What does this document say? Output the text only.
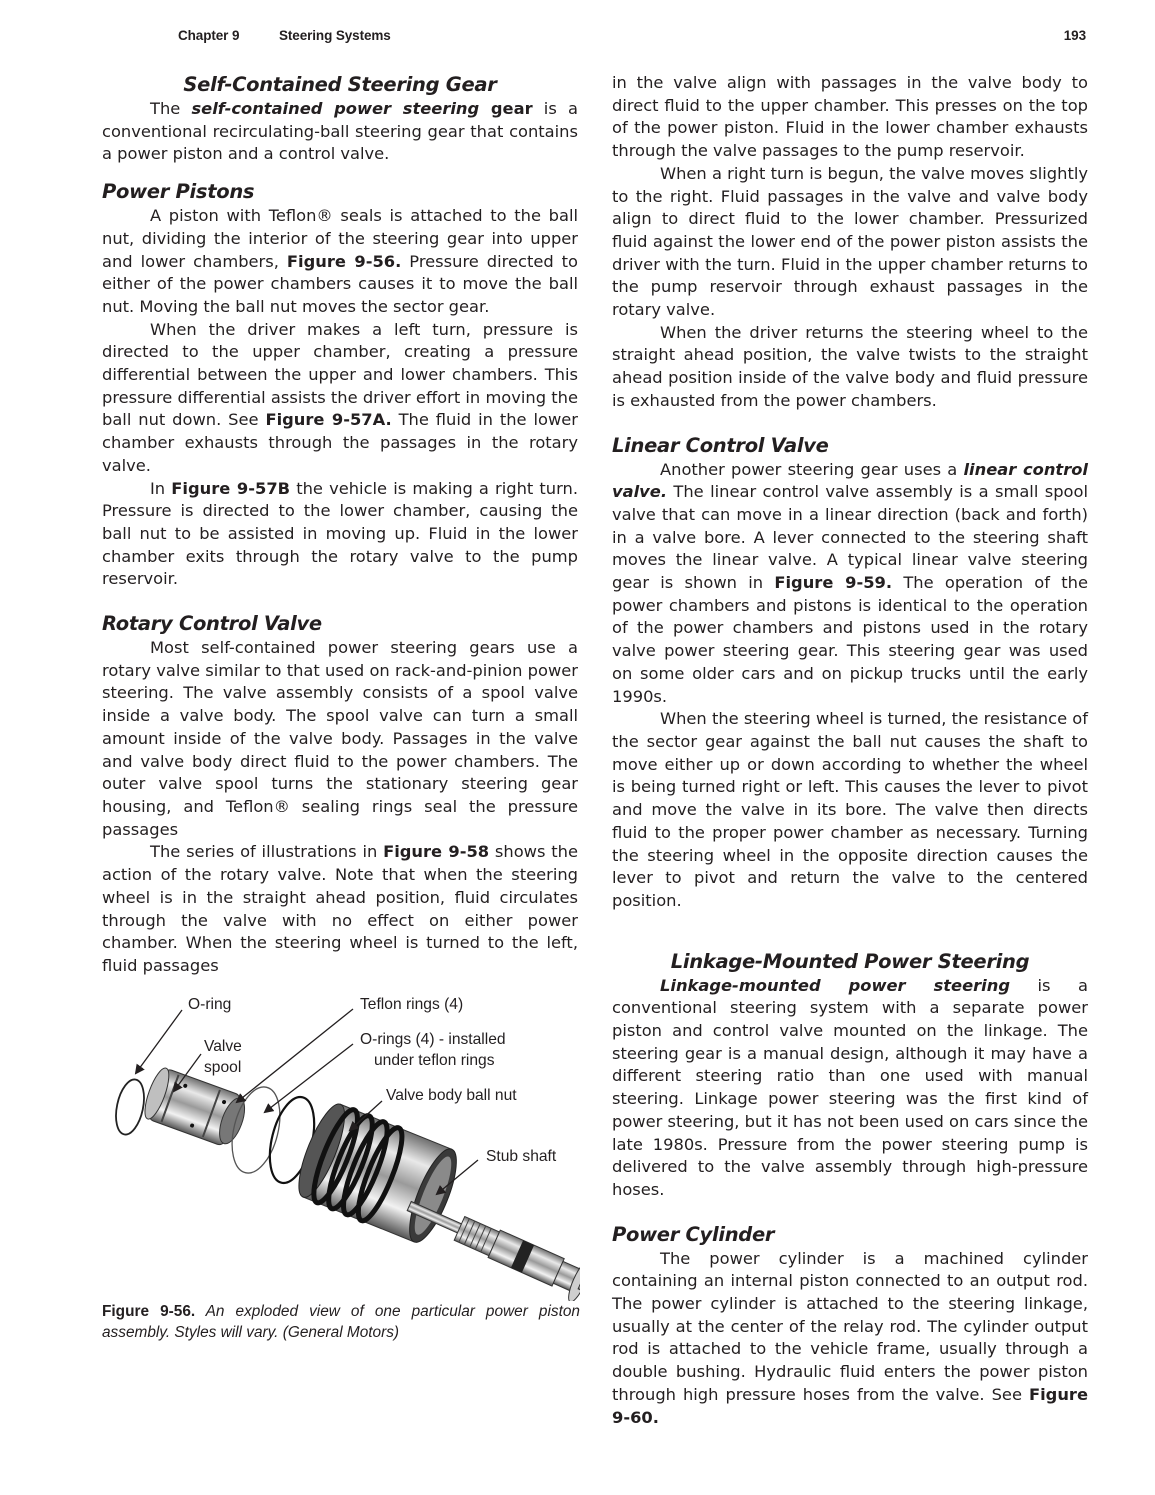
Chapter 9	Steering Systems	193
Self-Contained Steering Gear

The self-contained power steering gear is a conventional recirculating-ball steering gear that contains a power piston and a control valve.

Power Pistons

A piston with Teflon® seals is attached to the ball nut, dividing the interior of the steering gear into upper and lower chambers, Figure 9-56. Pressure directed to either of the power chambers causes it to move the ball nut. Moving the ball nut moves the sector gear.

When the driver makes a left turn, pressure is directed to the upper chamber, creating a pressure differential between the upper and lower chambers. This pressure differential assists the driver effort in moving the ball nut down. See Figure 9-57A. The fluid in the lower chamber exhausts through the passages in the rotary valve.

In Figure 9-57B the vehicle is making a right turn. Pressure is directed to the lower chamber, causing the ball nut to be assisted in moving up. Fluid in the lower chamber exits through the rotary valve to the pump reservoir.

Rotary Control Valve

Most self-contained power steering gears use a rotary valve similar to that used on rack-and-pinion power steering. The valve assembly consists of a spool valve inside a valve body. The spool valve can turn a small amount inside of the valve body. Passages in the valve and valve body direct fluid to the power chambers. The outer valve spool turns the stationary steering gear housing, and Teflon® sealing rings seal the pressure passages

The series of illustrations in Figure 9-58 shows the action of the rotary valve. Note that when the steering wheel is in the straight ahead position, fluid circulates through the valve with no effect on either power chamber. When the steering wheel is turned to the left, fluid passages

O-ring	Teflon rings (4)
Valve
spool
O-rings (4) - installed
under teflon rings
Valve body ball nut
Stub shaft
Figure 9-56. An exploded view of one particular power piston assembly. Styles will vary. (General Motors)

in the valve align with passages in the valve body to direct fluid to the upper chamber. This presses on the top of the power piston. Fluid in the lower chamber exhausts through the valve passages to the pump reservoir.

When a right turn is begun, the valve moves slightly to the right. Fluid passages in the valve and valve body align to direct fluid to the lower chamber. Pressurized fluid against the lower end of the power piston assists the driver with the turn. Fluid in the upper chamber returns to the pump reservoir through exhaust passages in the rotary valve.

When the driver returns the steering wheel to the straight ahead position, the valve twists to the straight ahead position inside of the valve body and fluid pressure is exhausted from the power chambers.

Linear Control Valve

Another power steering gear uses a linear control valve. The linear control valve assembly is a small spool valve that can move in a linear direction (back and forth) in a valve bore. A lever connected to the steering shaft moves the linear valve. A typical linear valve steering gear is shown in Figure 9-59. The operation of the power chambers and pistons is identical to the operation of the power chambers and pistons used in the rotary valve power steering gear. This steering gear was used on some older cars and on pickup trucks until the early 1990s.

When the steering wheel is turned, the resistance of the sector gear against the ball nut causes the shaft to move either up or down according to whether the wheel is being turned right or left. This causes the lever to pivot and move the valve in its bore. The valve then directs fluid to the proper power chamber as necessary. Turning the steering wheel in the opposite direction causes the lever to pivot and return the valve to the centered position.

Linkage-Mounted Power Steering

Linkage-mounted power steering is a conventional steering system with a separate power piston and control valve mounted on the linkage. The steering gear is a manual design, although it may have a different steering ratio than one used with manual steering. Linkage power steering was the first kind of power steering, but it has not been used on cars since the late 1980s. Pressure from the power steering pump is delivered to the valve assembly through high-pressure hoses.

Power Cylinder

The power cylinder is a machined cylinder containing an internal piston connected to an output rod. The power cylinder is attached to the steering linkage, usually at the center of the relay rod. The cylinder output rod is attached to the vehicle frame, usually through a double bushing. Hydraulic fluid enters the power piston through high pressure hoses from the valve. See Figure 9-60.
